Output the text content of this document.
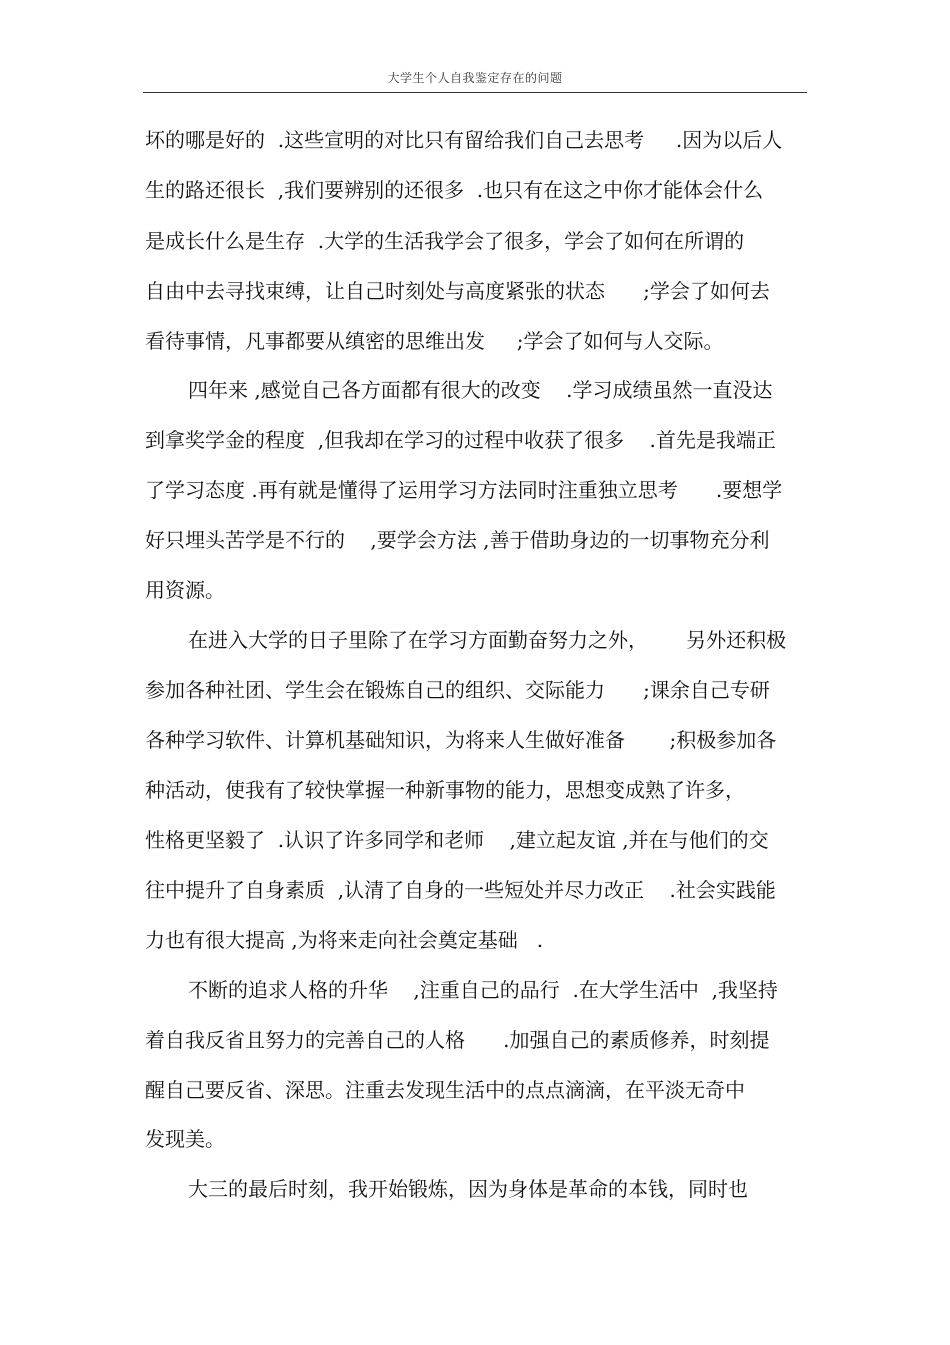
大学生个人自我鉴定存在的问题
坏的哪是好的  .这些宣明的对比只有留给我们自己去思考     .因为以后人
生的路还很长  ,我们要辨别的还很多  .也只有在这之中你才能体会什么
是成长什么是生存  .大学的生活我学会了很多，学会了如何在所谓的
自由中去寻找束缚，让自己时刻处与高度紧张的状态      ;学会了如何去
看待事情，凡事都要从缜密的思维出发     ;学会了如何与人交际。
四年来 ,感觉自己各方面都有很大的改变    .学习成绩虽然一直没达
到拿奖学金的程度  ,但我却在学习的过程中收获了很多    .首先是我端正
了学习态度 .再有就是懂得了运用学习方法同时注重独立思考      .要想学
好只埋头苦学是不行的    ,要学会方法 ,善于借助身边的一切事物充分利
用资源。
在进入大学的日子里除了在学习方面勤奋努力之外，      另外还积极
参加各种社团、学生会在锻炼自己的组织、交际能力      ;课余自己专研
各种学习软件、计算机基础知识，为将来人生做好准备       ;积极参加各
种活动，使我有了较快掌握一种新事物的能力，思想变成熟了许多，
性格更坚毅了  .认识了许多同学和老师    ,建立起友谊 ,并在与他们的交
往中提升了自身素质  ,认清了自身的一些短处并尽力改正    .社会实践能
力也有很大提高 ,为将来走向社会奠定基础   .
不断的追求人格的升华    ,注重自己的品行  .在大学生活中  ,我坚持
着自我反省且努力的完善自己的人格      .加强自己的素质修养，时刻提
醒自己要反省、深思。注重去发现生活中的点点滴滴，在平淡无奇中
发现美。
大三的最后时刻，我开始锻炼，因为身体是革命的本钱，同时也
